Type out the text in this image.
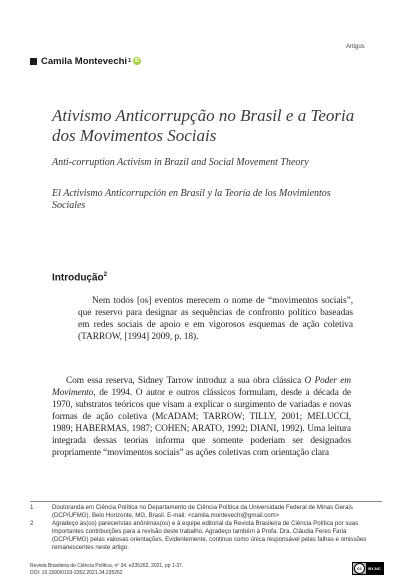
Artigos

Camila Montevechi 1 iD
Ativismo Anticorrupção no Brasil e a Teoria dos Movimentos Sociais

Anti-corruption Activism in Brazil and Social Movement Theory

El Activismo Anticorrupción en Brasil y la Teoría de los Movimientos Sociales

Introdução$^2$

Nem todos [os] eventos merecem o nome de “movimentos sociais”, que reservo para designar as sequências de confronto político baseadas em redes sociais de apoio e em vigorosos esquemas de ação coletiva (TARROW, [1994] 2009, p. 18).

Com essa reserva, Sidney Tarrow introduz a sua obra clássica O Poder em Movimento, de 1994. O autor e outros clássicos formulam, desde a década de 1970, substratos teóricos que visam a explicar o surgimento de variadas e novas formas de ação coletiva (McADAM; TARROW; TILLY, 2001; MELUCCI, 1989; HABERMAS, 1987; COHEN; ARATO, 1992; DIANI, 1992). Uma leitura integrada dessas teorias informa que somente poderiam ser designados propriamente “movimentos sociais” as ações coletivas com orientação clara

1	Doutoranda em Ciência Política no Departamento de Ciência Política da Universidade Federal de Minas Gerais (DCP/UFMG), Belo Horizonte, MG, Brasil. E-mail: <camila.montevechi@gmail.com>
2	Agradeço às(os) pareceristas anônimas(os) e à equipe editorial da Revista Brasileira de Ciência Política por suas importantes contribuições para a revisão deste trabalho. Agradeço também à Profa. Dra. Cláudia Feres Faria (DCP/UFMG) pelas valiosas orientações. Evidentemente, continuo como única responsável pelas falhas e omissões remanescentes neste artigo.
Revista Brasileira de Ciência Política, nº 34. e235262, 2021, pp 1-37.
DOI: 10.1590/0103-3352.2021.34.235262
cc	BY-NC
